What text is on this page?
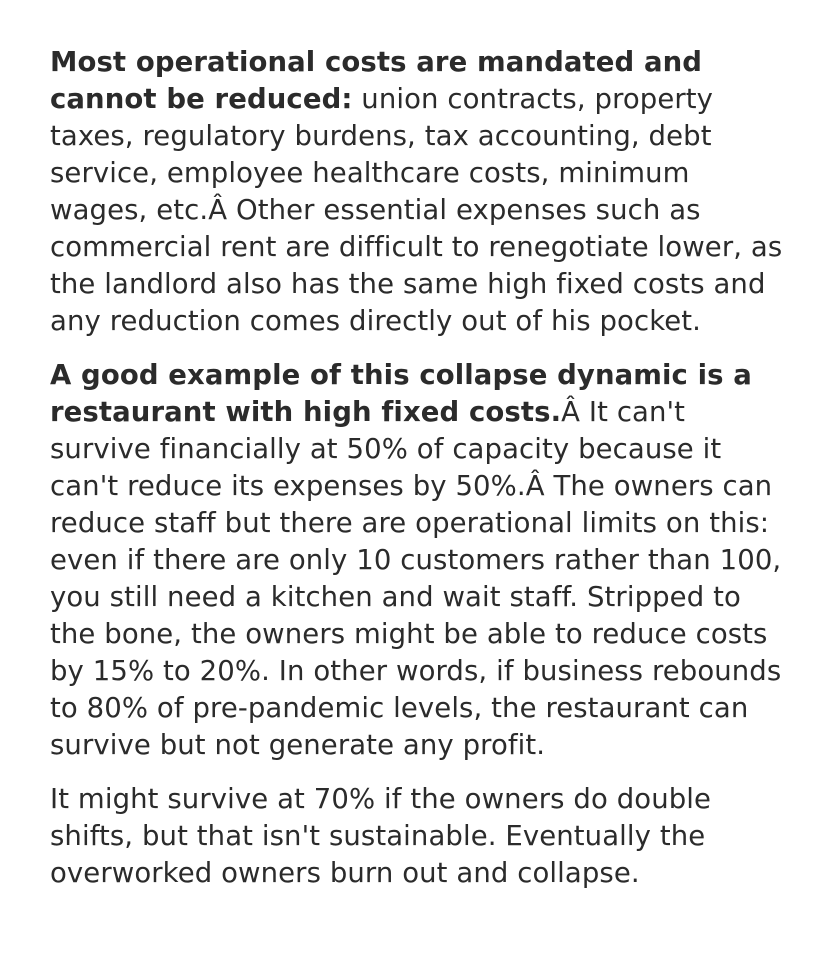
Most operational costs are mandated and cannot be reduced: union contracts, property taxes, regulatory burdens, tax accounting, debt service, employee healthcare costs, minimum wages, etc.Â Other essential expenses such as commercial rent are difficult to renegotiate lower, as the landlord also has the same high fixed costs and any reduction comes directly out of his pocket.

A good example of this collapse dynamic is a restaurant with high fixed costs.Â It can't survive financially at 50% of capacity because it can't reduce its expenses by 50%.Â The owners can reduce staff but there are operational limits on this: even if there are only 10 customers rather than 100, you still need a kitchen and wait staff. Stripped to the bone, the owners might be able to reduce costs by 15% to 20%. In other words, if business rebounds to 80% of pre-pandemic levels, the restaurant can survive but not generate any profit.

It might survive at 70% if the owners do double shifts, but that isn't sustainable. Eventually the overworked owners burn out and collapse.
